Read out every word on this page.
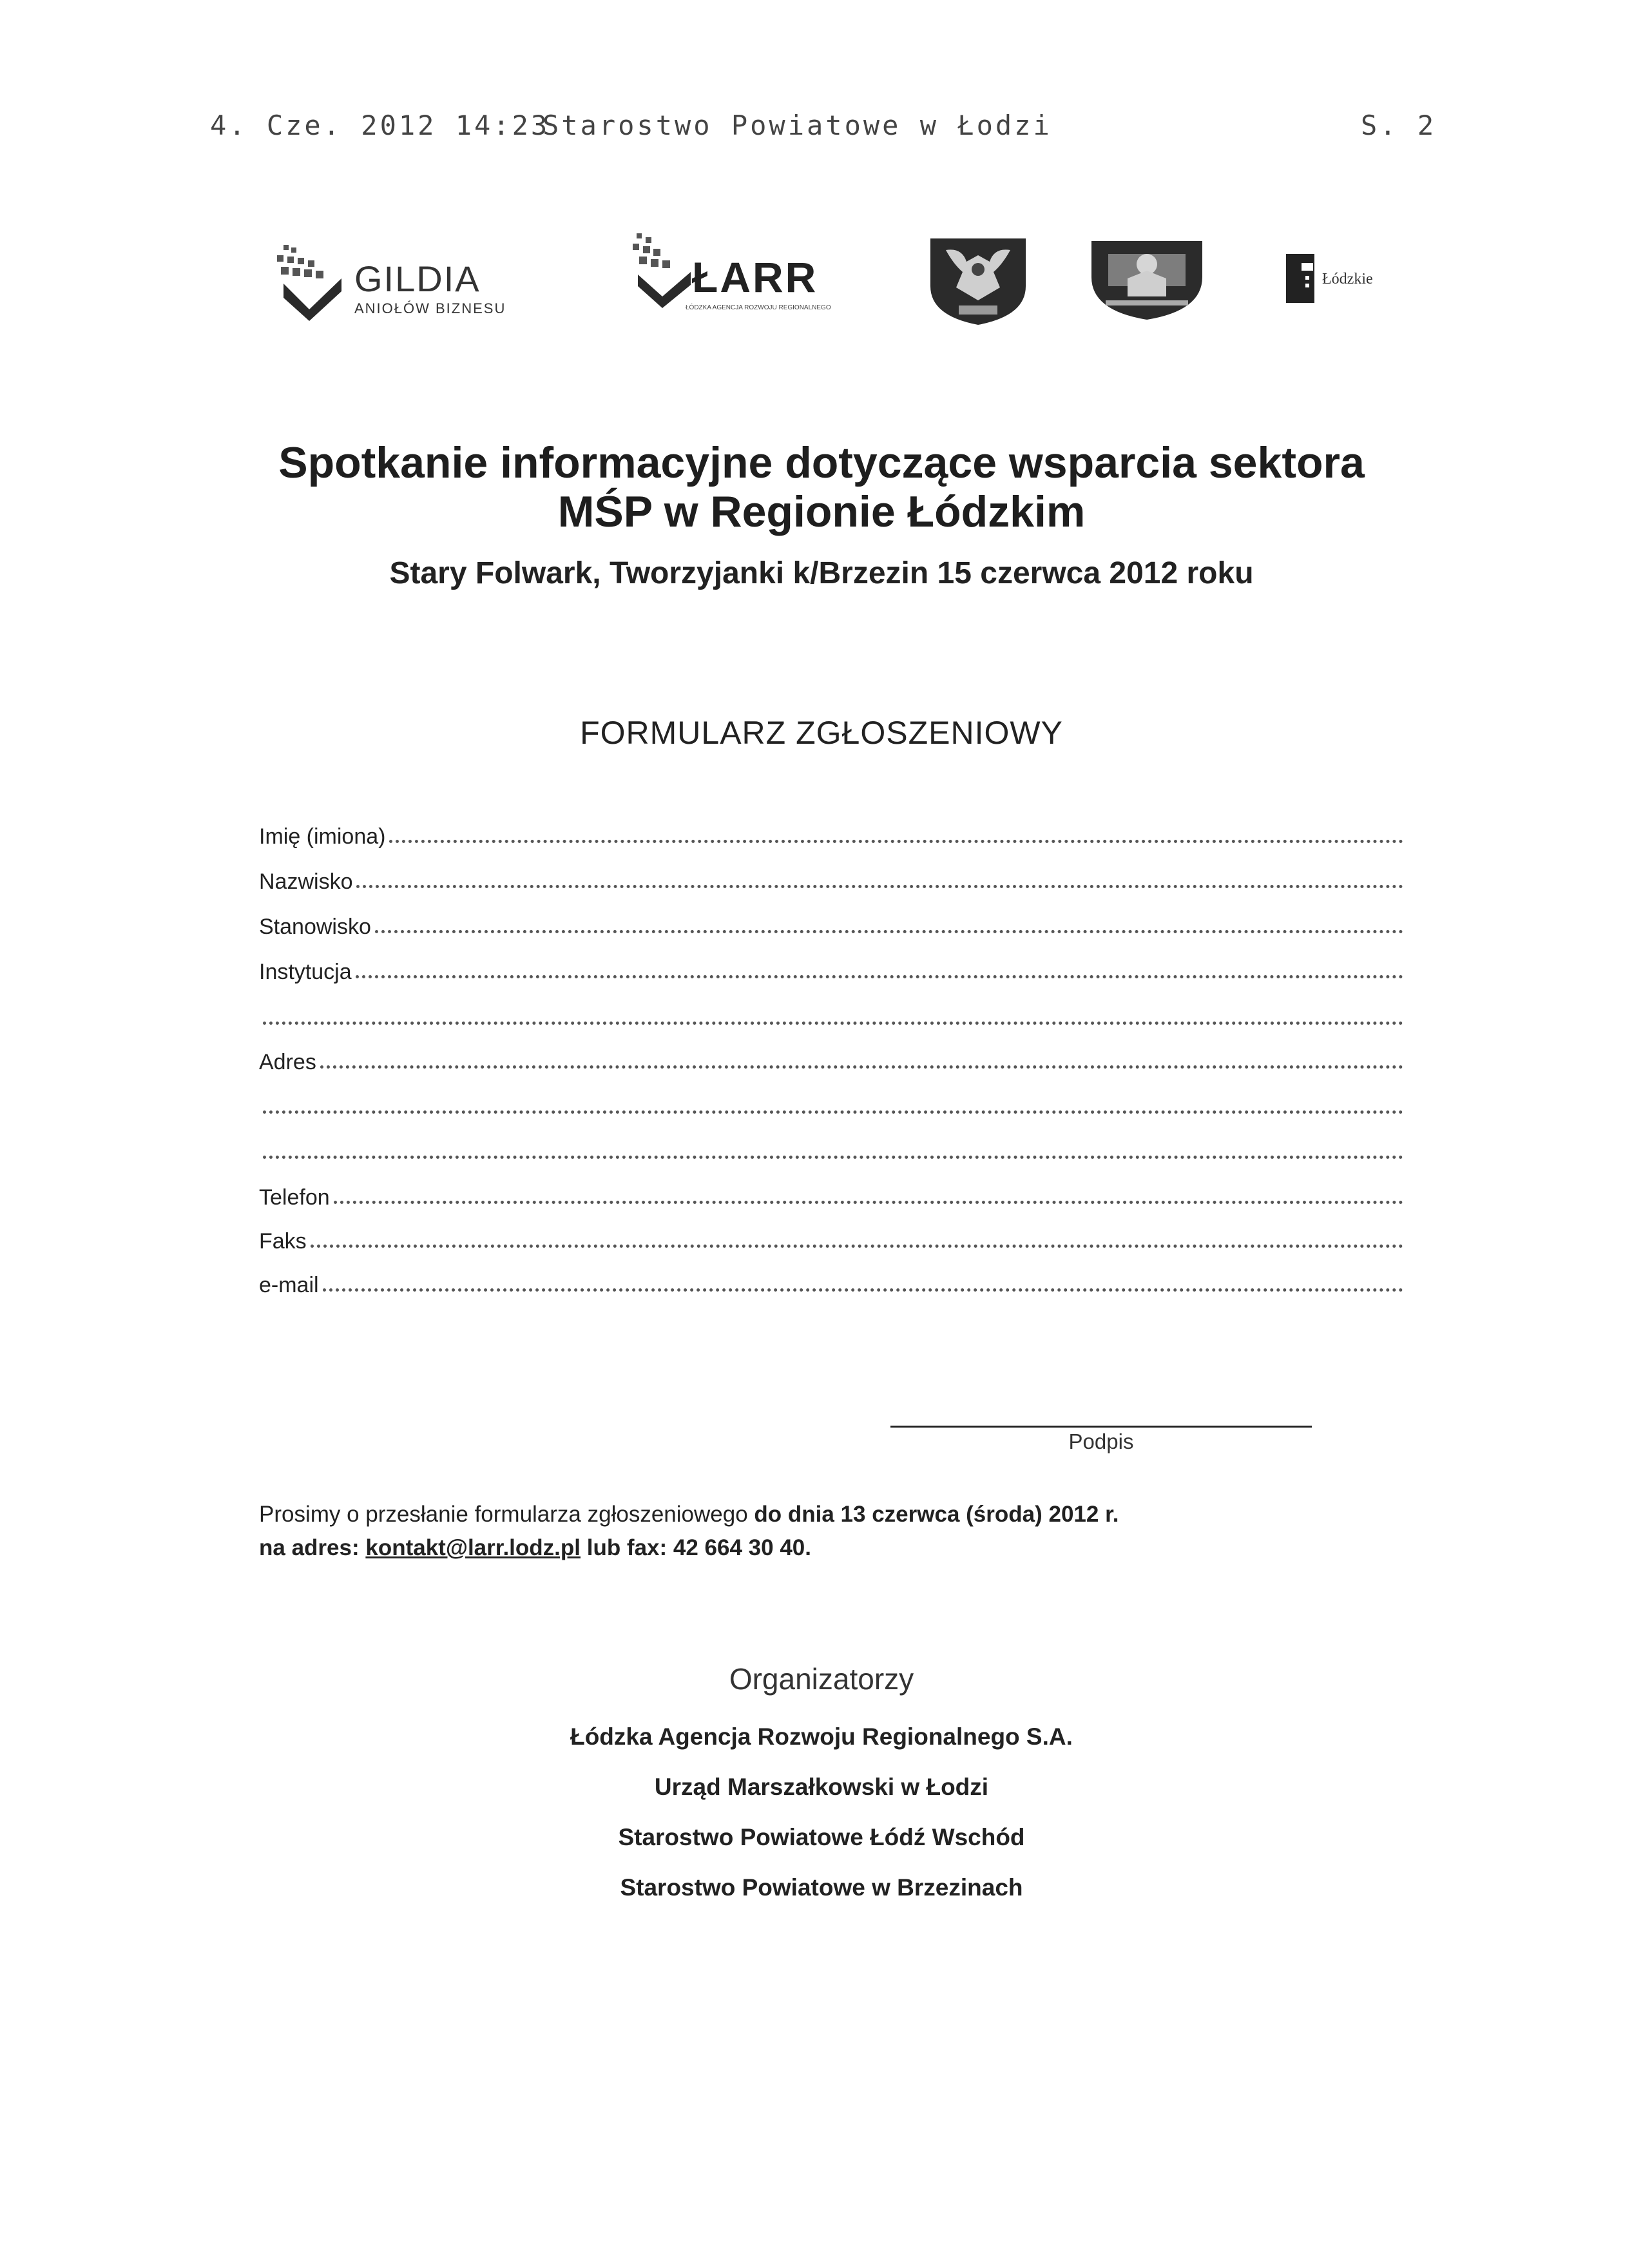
4. Cze. 2012 14:23
Starostwo Powiatowe w Łodzi	S. 2
GILDIA
ANIOŁÓW BIZNESU
ŁARR
ŁÓDZKA AGENCJA ROZWOJU REGIONALNEGO
Łódzkie
Spotkanie informacyjne dotyczące wsparcia sektora
MŚP w Regionie Łódzkim
Stary Folwark, Tworzyjanki k/Brzezin 15 czerwca 2012 roku
FORMULARZ ZGŁOSZENIOWY
Imię (imiona)
Nazwisko
Stanowisko
Instytucja
Adres
Telefon
Faks
e-mail
Podpis
Prosimy o przesłanie formularza zgłoszeniowego do dnia 13 czerwca (środa) 2012 r.
na adres: kontakt@larr.lodz.pl lub fax: 42 664 30 40.
Organizatorzy
Łódzka Agencja Rozwoju Regionalnego S.A.
Urząd Marszałkowski w Łodzi
Starostwo Powiatowe Łódź Wschód
Starostwo Powiatowe w Brzezinach
